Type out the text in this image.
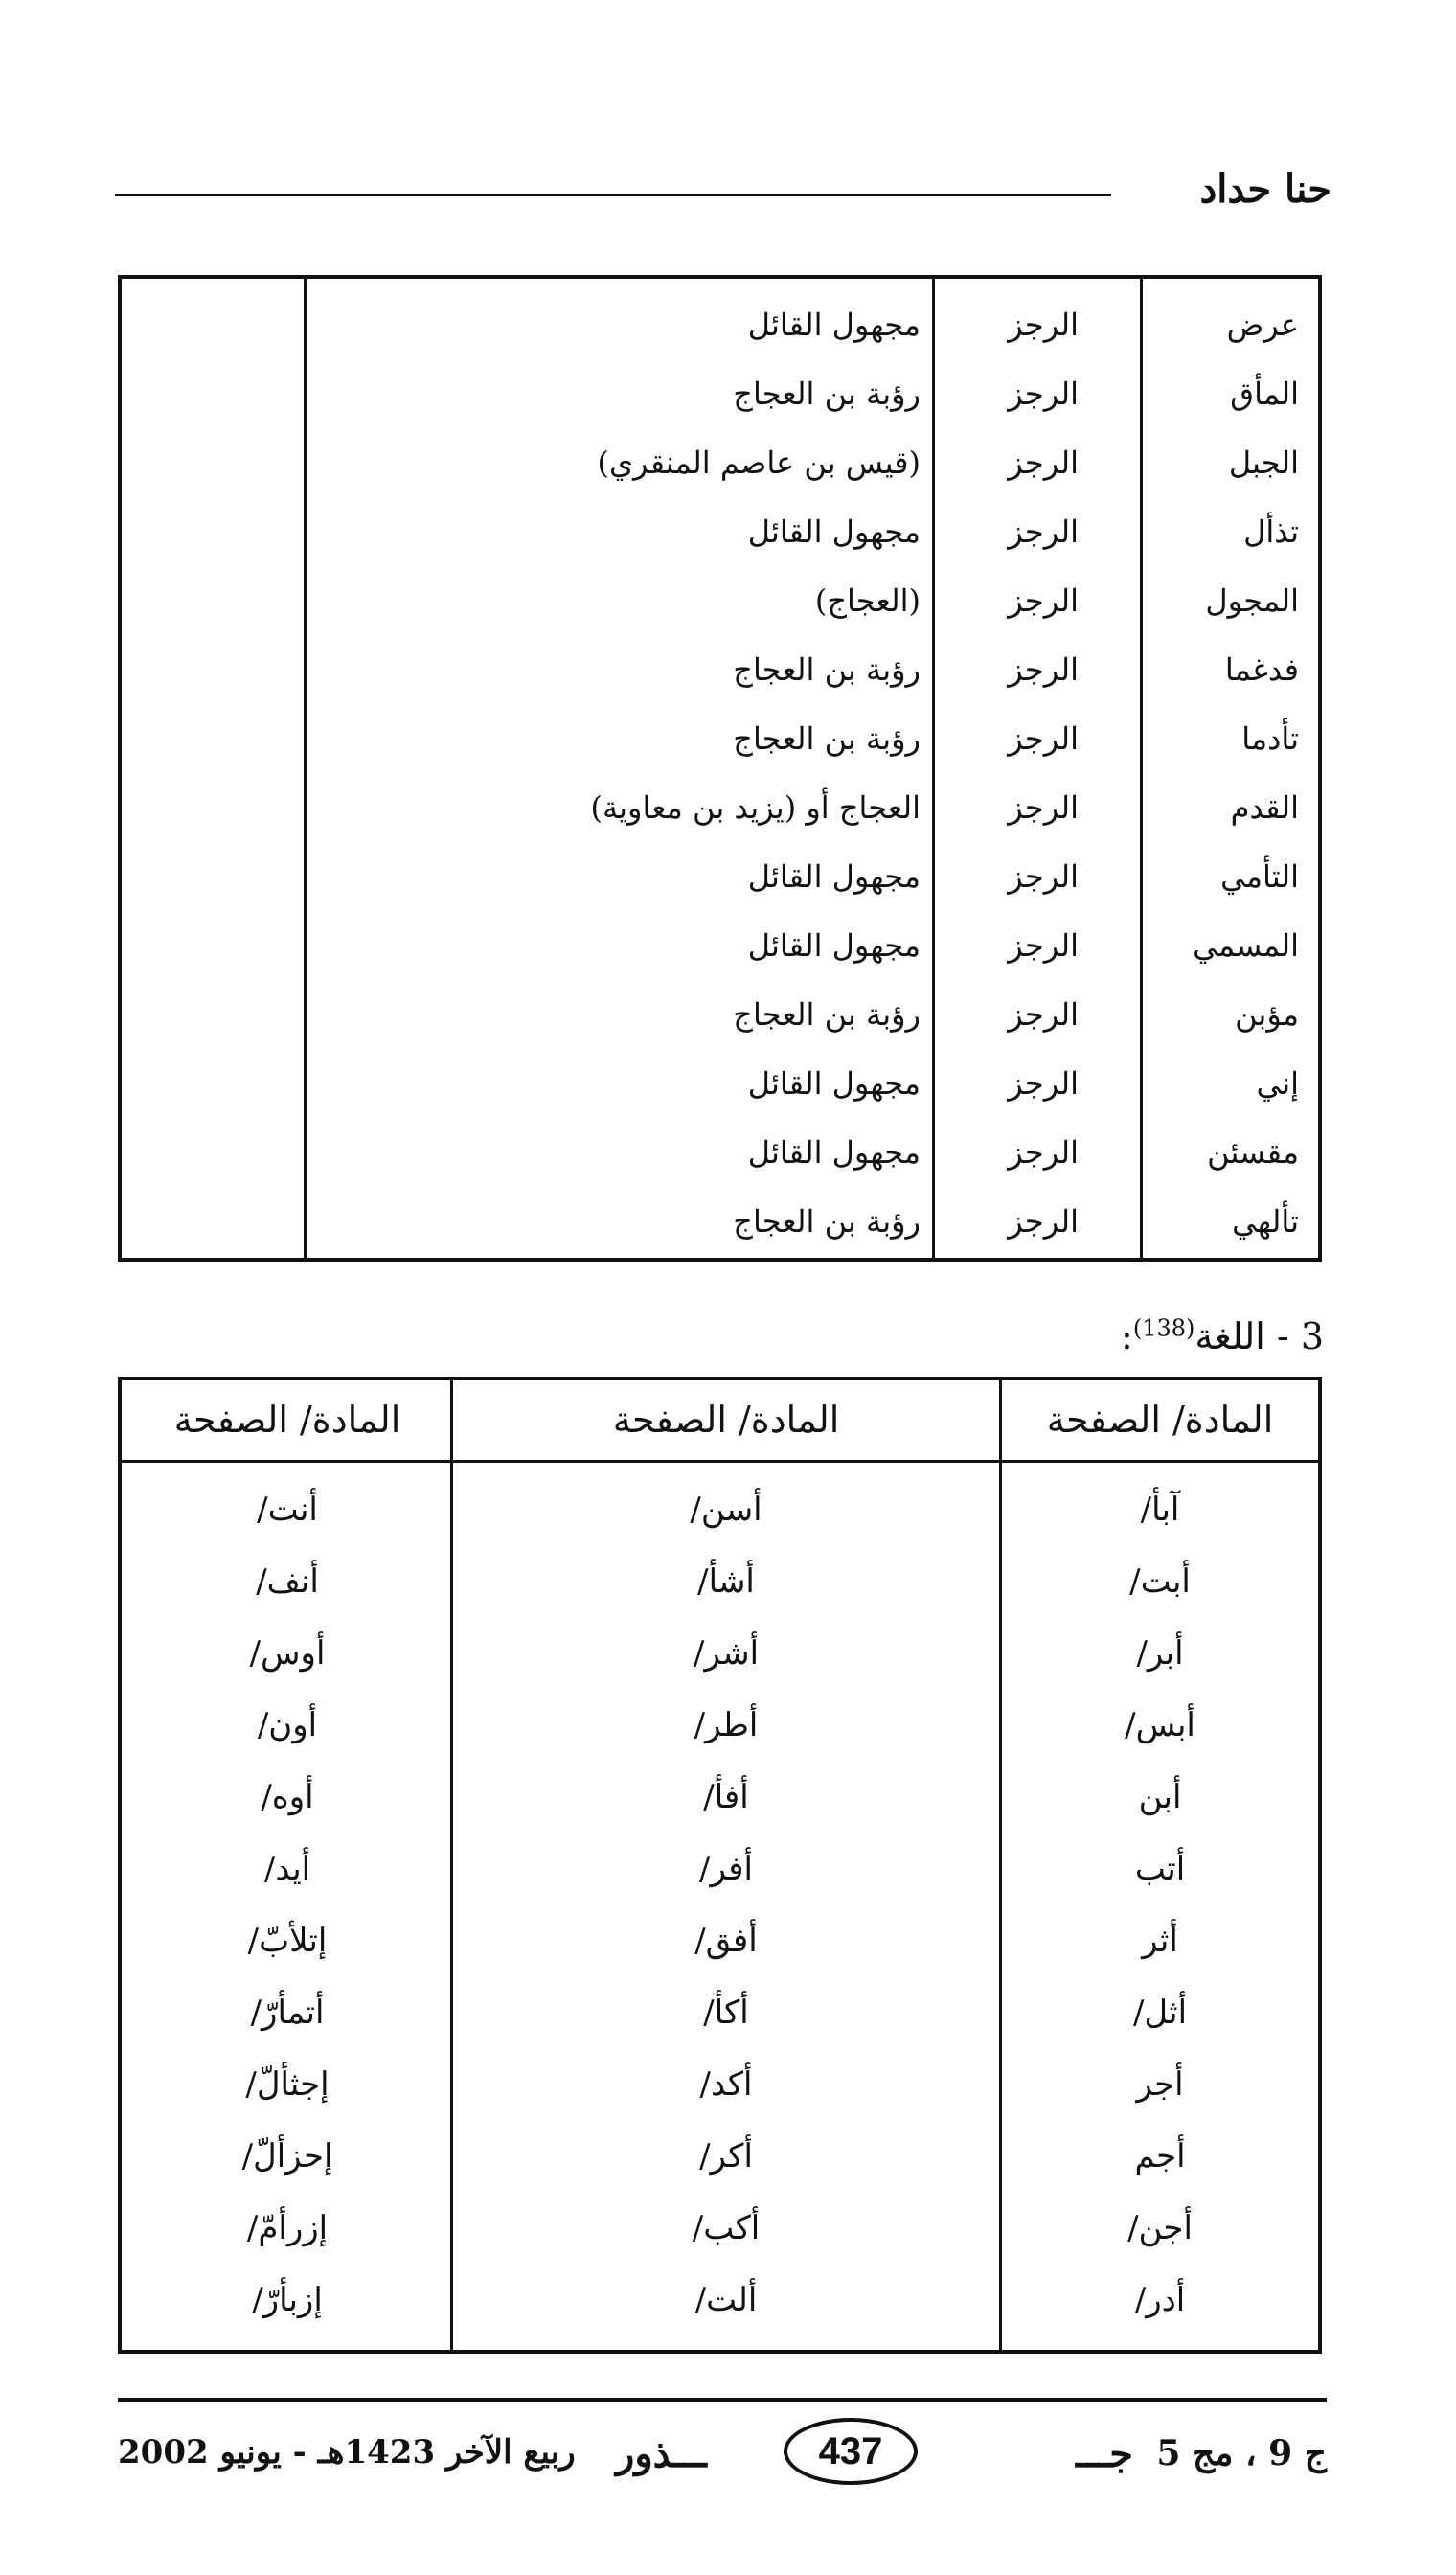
حنا حداد
عرض
الرجز
مجهول القائل
المأق
الرجز
رؤبة بن العجاج
الجبل
الرجز
(قيس بن عاصم المنقري)
تذأل
الرجز
مجهول القائل
المجول
الرجز
(العجاج)
فدغما
الرجز
رؤبة بن العجاج
تأدما
الرجز
رؤبة بن العجاج
القدم
الرجز
العجاج أو (يزيد بن معاوية)
التأمي
الرجز
مجهول القائل
المسمي
الرجز
مجهول القائل
مؤبن
الرجز
رؤبة بن العجاج
إني
الرجز
مجهول القائل
مقسئن
الرجز
مجهول القائل
تألهي
الرجز
رؤبة بن العجاج
3 - اللغة$^{(138)}$:
المادة/ الصفحة
المادة/ الصفحة
المادة/ الصفحة
آبأ/
أسن/
أنت/
أبت/
أشأ/
أنف/
أبر/
أشر/
أوس/
أبس/
أطر/
أون/
أبن
أفأ/
أوه/
أتب
أفر/
أيد/
أثر
أفق/
إتلأبّ/
أثل/
أكأ/
أتمأرّ/
أجر
أكد/
إجثألّ/
أجم
أكر/
إحزألّ/
أجن/
أكب/
إزرأمّ/
أدر/
ألت/
إزبأرّ/
ج 9 ، مج 5
جـــ
437
ـــذور
ربيع الآخر 1423هـ - يونيو 2002
